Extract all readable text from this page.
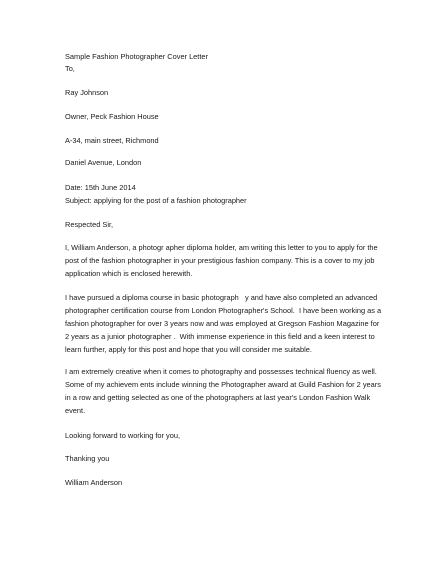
Sample Fashion Photographer Cover Letter
To,
Ray Johnson
Owner, Peck Fashion House
A-34, main street, Richmond
Daniel Avenue, London
Date: 15th June 2014
Subject: applying for the post of a fashion photographer
Respected Sir,
I, William Anderson, a photogr apher diploma holder, am writing this letter to you to apply for the
post of the fashion photographer in your prestigious fashion company. This is a cover to my job
application which is enclosed herewith.
I have pursued a diploma course in basic photograph   y and have also completed an advanced
photographer certification course from London Photographer's School.  I have been working as a
fashion photographer for over 3 years now and was employed at Gregson Fashion Magazine for
2 years as a junior photographer .  With immense experience in this field and a keen interest to
learn further, apply for this post and hope that you will consider me suitable.
I am extremely creative when it comes to photography and possesses technical fluency as well.
Some of my achievem ents include winning the Photographer award at Guild Fashion for 2 years
in a row and getting selected as one of the photographers at last year's London Fashion Walk
event.
Looking forward to working for you,
Thanking you
William Anderson
